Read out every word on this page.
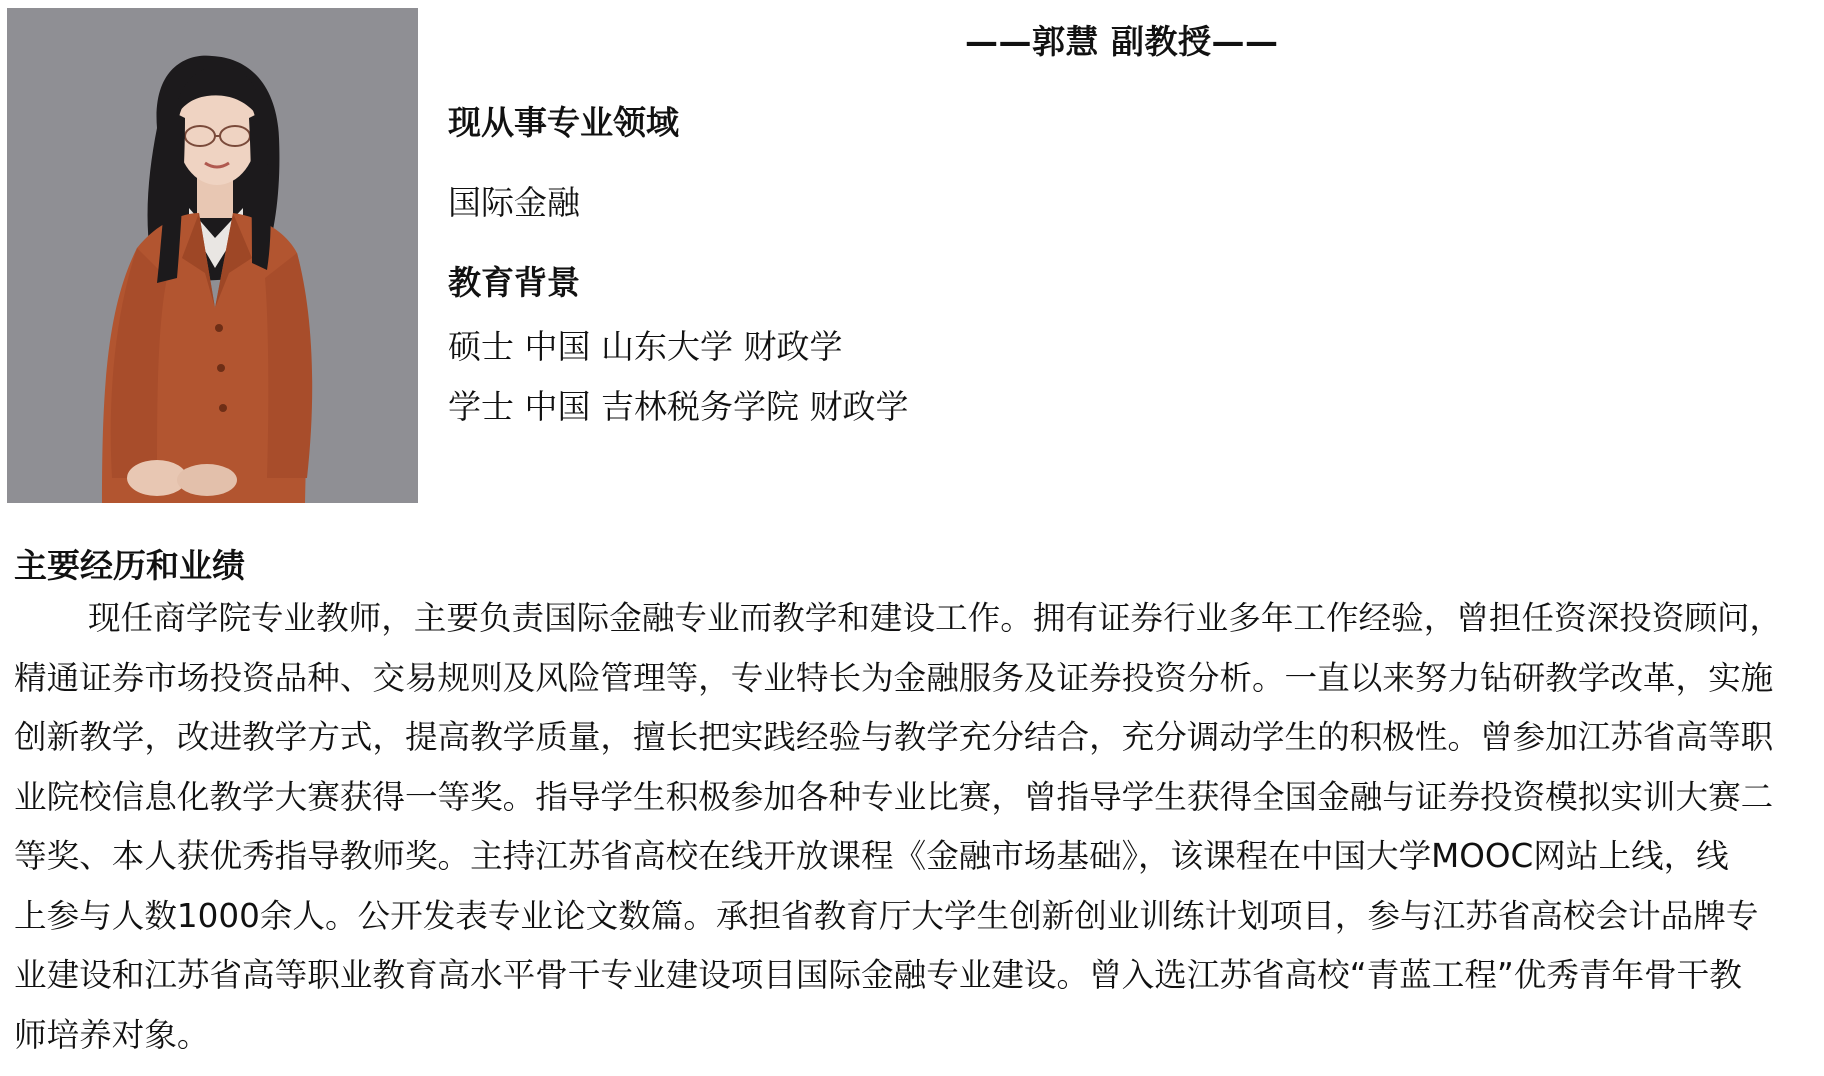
——郭慧 副教授——
现从事专业领域
国际金融
教育背景
硕士 中国 山东大学 财政学
学士 中国 吉林税务学院 财政学
主要经历和业绩
现任商学院专业教师，主要负责国际金融专业而教学和建设工作。拥有证券行业多年工作经验，曾担任资深投资顾问，
精通证券市场投资品种、交易规则及风险管理等，专业特长为金融服务及证券投资分析。一直以来努力钻研教学改革，实施
创新教学，改进教学方式，提高教学质量，擅长把实践经验与教学充分结合，充分调动学生的积极性。曾参加江苏省高等职
业院校信息化教学大赛获得一等奖。指导学生积极参加各种专业比赛，曾指导学生获得全国金融与证券投资模拟实训大赛二
等奖、本人获优秀指导教师奖。主持江苏省高校在线开放课程《金融市场基础》，该课程在中国大学MOOC网站上线，线
上参与人数1000余人。公开发表专业论文数篇。承担省教育厅大学生创新创业训练计划项目，参与江苏省高校会计品牌专
业建设和江苏省高等职业教育高水平骨干专业建设项目国际金融专业建设。曾入选江苏省高校“青蓝工程”优秀青年骨干教
师培养对象。
